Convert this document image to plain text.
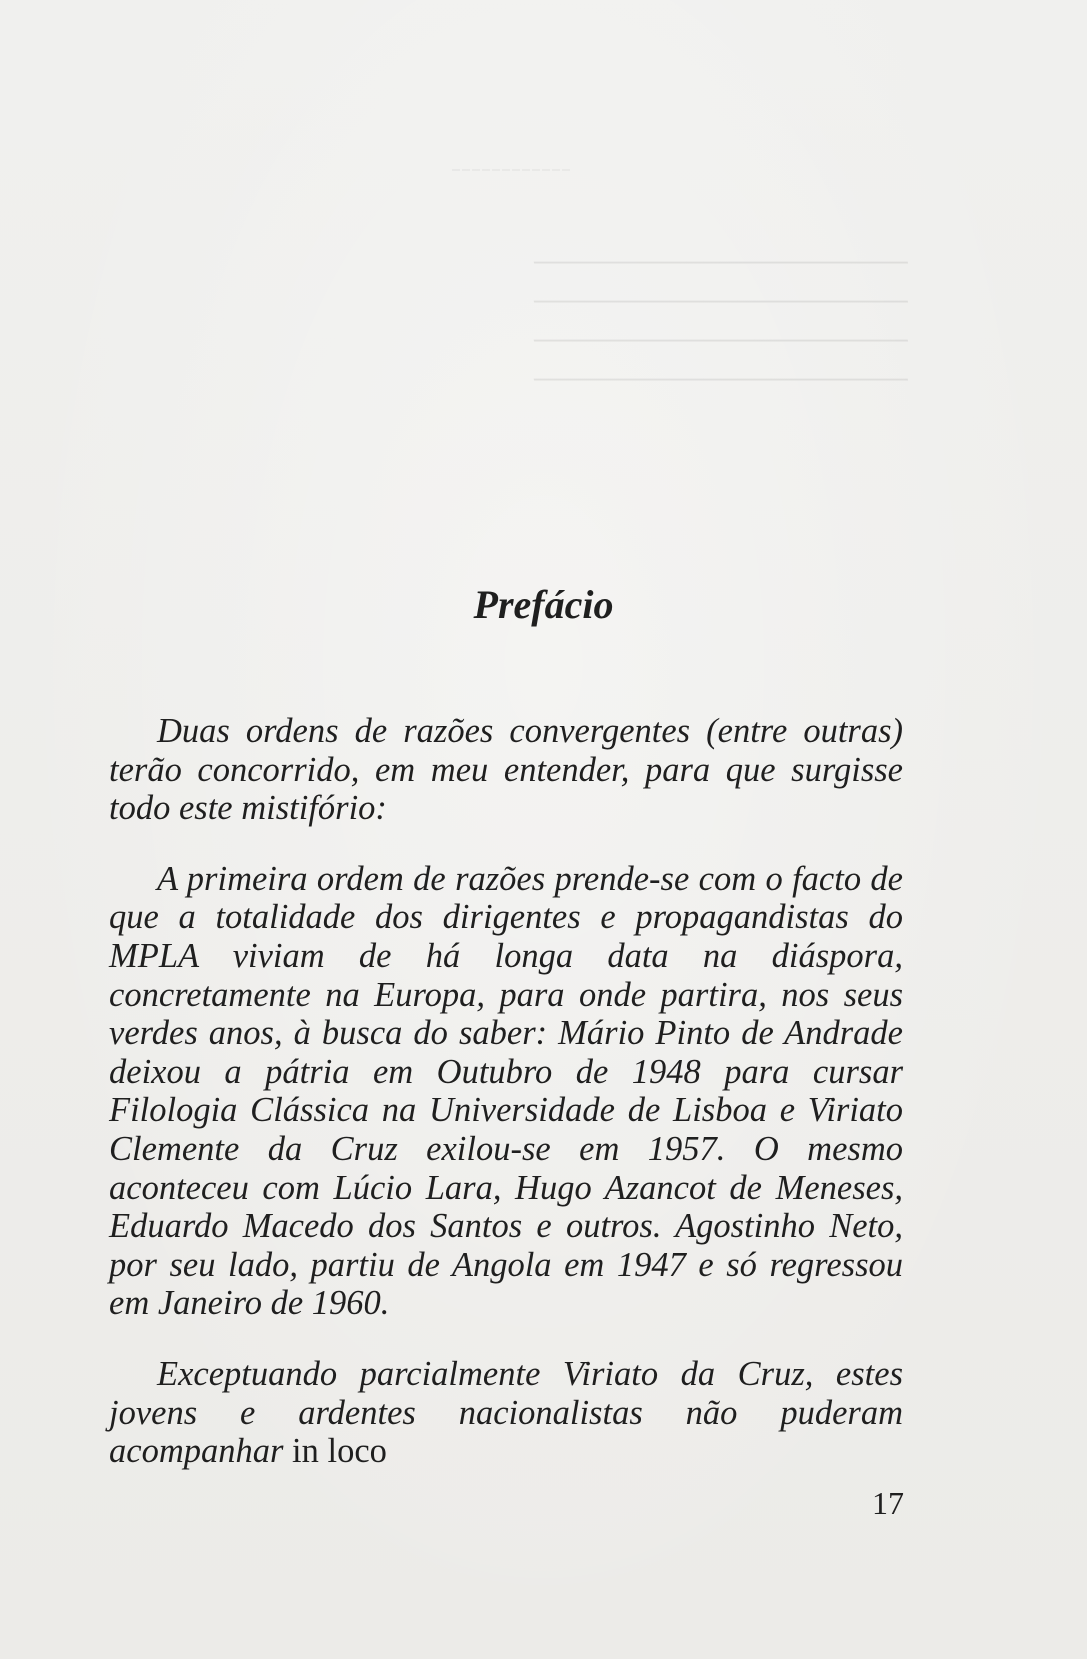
⎯⎯⎯⎯⎯⎯⎯⎯⎯⎯⎯⎯
⎯⎯⎯⎯⎯⎯⎯⎯⎯⎯⎯⎯⎯⎯⎯⎯⎯⎯⎯⎯⎯⎯
⎯⎯⎯⎯⎯⎯⎯⎯⎯⎯⎯⎯⎯⎯⎯⎯⎯⎯⎯⎯⎯⎯
⎯⎯⎯⎯⎯⎯⎯⎯⎯⎯⎯⎯⎯⎯⎯⎯⎯⎯⎯⎯⎯⎯
⎯⎯⎯⎯⎯⎯⎯⎯⎯⎯⎯⎯⎯⎯⎯⎯⎯⎯⎯⎯⎯⎯
Prefácio

Duas ordens de razões convergentes (entre outras) terão concorrido, em meu entender, para que surgisse todo este mistifório:

A primeira ordem de razões prende-se com o facto de que a totalidade dos dirigentes e propagandistas do MPLA viviam de há longa data na diáspora, concretamente na Europa, para onde partira, nos seus verdes anos, à busca do saber: Mário Pinto de Andrade deixou a pátria em Outubro de 1948 para cursar Filologia Clássica na Universidade de Lisboa e Viriato Clemente da Cruz exilou-se em 1957. O mesmo aconteceu com Lúcio Lara, Hugo Azancot de Meneses, Eduardo Macedo dos Santos e outros. Agostinho Neto, por seu lado, partiu de Angola em 1947 e só regressou em Janeiro de 1960.

Exceptuando parcialmente Viriato da Cruz, estes jovens e ardentes nacionalistas não puderam acompanhar in loco

17
